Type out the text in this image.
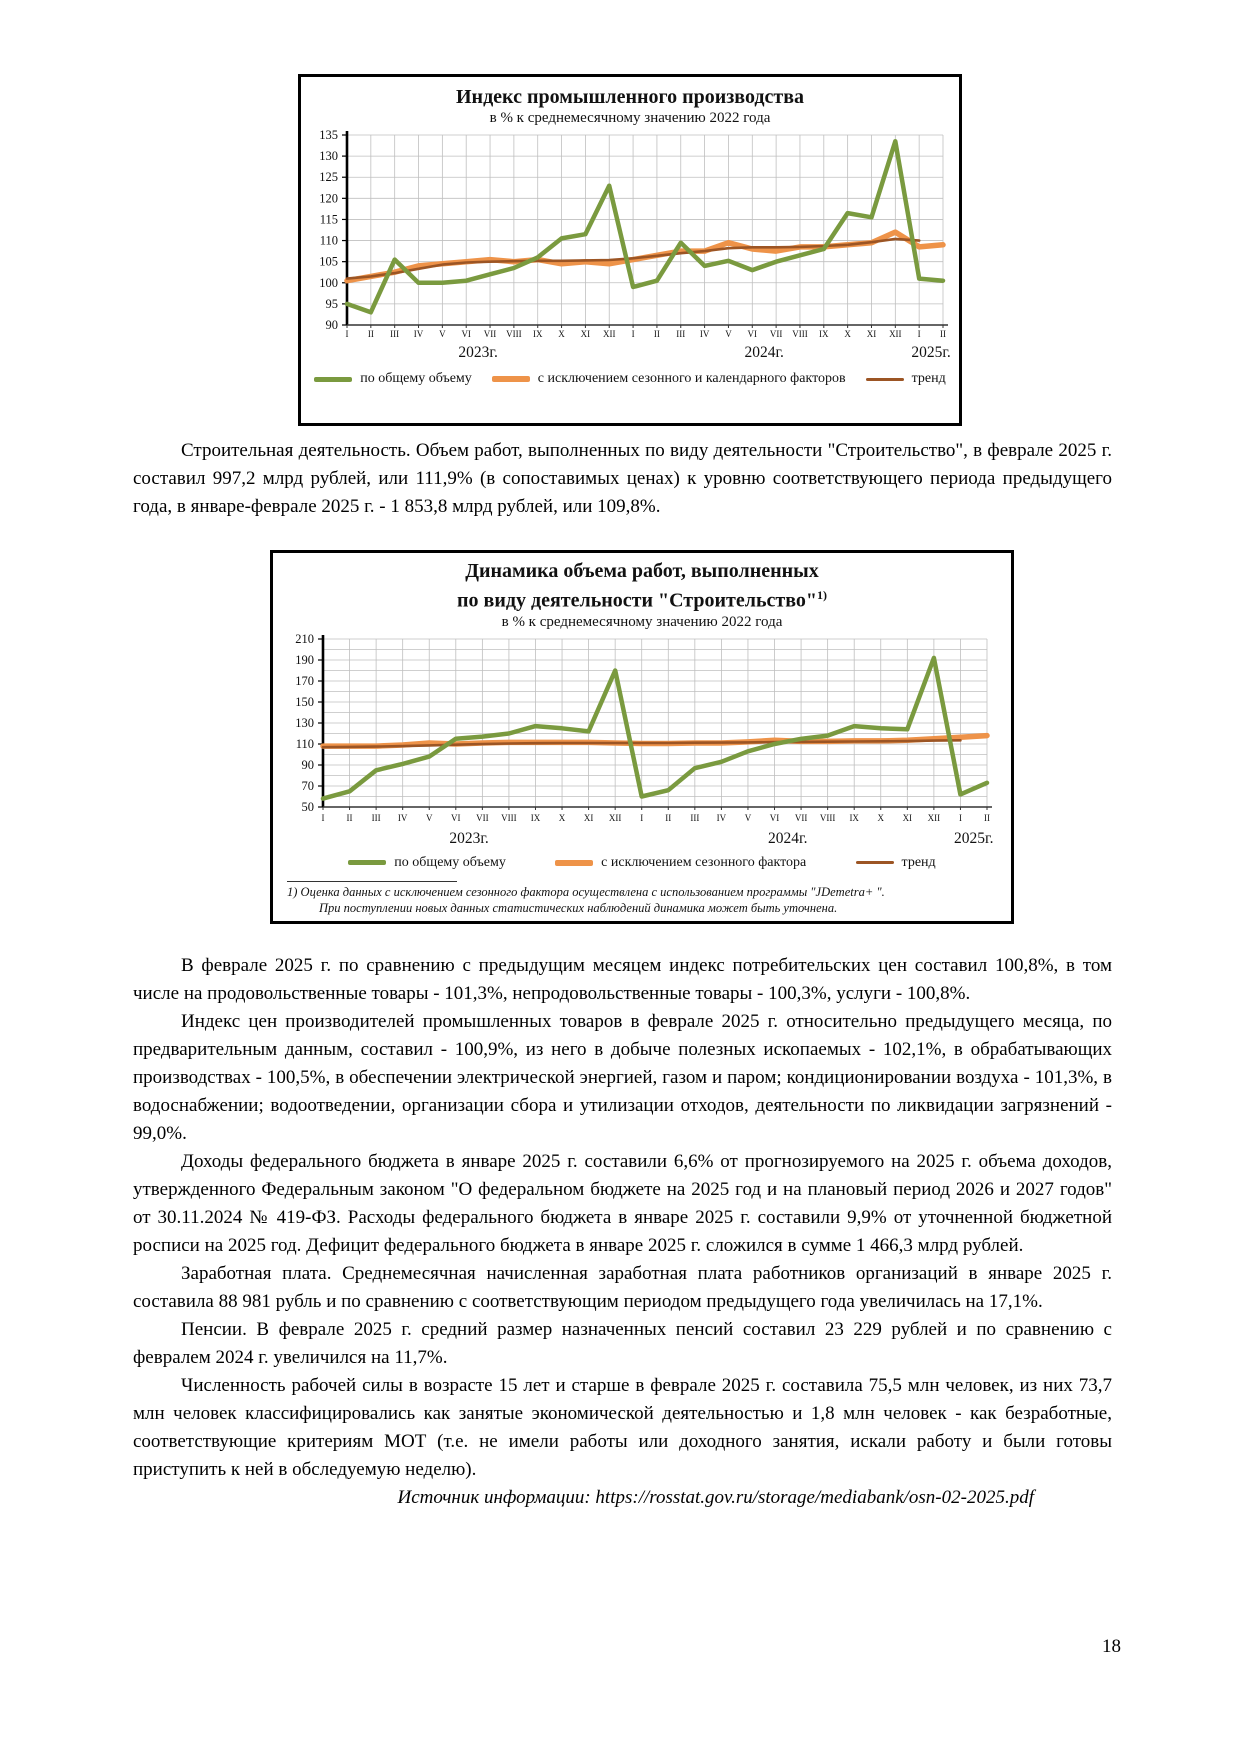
Индекс промышленного производства
в % к среднемесячному значению 2022 года
90
95
100
105
110
115
120
125
130
135
I II III IV V VI VII VIII IX X XI XII I II III IV V VI VII VIII IX X XI XII I II
2023г.	2024г.	2025г.
по общему объему	с исключением сезонного и календарного факторов	тренд

Строительная деятельность. Объем работ, выполненных по виду деятельности "Строительство", в феврале 2025 г. составил 997,2 млрд рублей, или 111,9% (в сопоставимых ценах) к уровню соответствующего периода предыдущего года, в январе-феврале 2025 г. - 1 853,8 млрд рублей, или 109,8%.

Динамика объема работ, выполненных
по виду деятельности "Строительство"$^{1)}$
в % к среднемесячному значению 2022 года
50
70
90
110
130
150
170
190
210
I II III IV V VI VII VIII IX X XI XII I II III IV V VI VII VIII IX X XI XII I II
2023г.	2024г.	2025г.
по общему объему	с исключением сезонного фактора	тренд
1) Оценка данных с исключением сезонного фактора осуществлена с использованием программы "JDemetra+ ".
При поступлении новых данных статистических наблюдений динамика может быть уточнена.

В феврале 2025 г. по сравнению с предыдущим месяцем индекс потребительских цен составил 100,8%, в том числе на продовольственные товары - 101,3%, непродовольственные товары - 100,3%, услуги - 100,8%.

Индекс цен производителей промышленных товаров в феврале 2025 г. относительно предыдущего месяца, по предварительным данным, составил - 100,9%, из него в добыче полезных ископаемых - 102,1%, в обрабатывающих производствах - 100,5%, в обеспечении электрической энергией, газом и паром; кондиционировании воздуха - 101,3%, в водоснабжении; водоотведении, организации сбора и утилизации отходов, деятельности по ликвидации загрязнений - 99,0%.

Доходы федерального бюджета в январе 2025 г. составили 6,6% от прогнозируемого на 2025 г. объема доходов, утвержденного Федеральным законом "О федеральном бюджете на 2025 год и на плановый период 2026 и 2027 годов" от 30.11.2024 № 419-ФЗ. Расходы федерального бюджета в январе 2025 г. составили 9,9% от уточненной бюджетной росписи на 2025 год. Дефицит федерального бюджета в январе 2025 г. сложился в сумме 1 466,3 млрд рублей.

Заработная плата. Среднемесячная начисленная заработная плата работников организаций в январе 2025 г. составила 88 981 рубль и по сравнению с соответствующим периодом предыдущего года увеличилась на 17,1%.

Пенсии. В феврале 2025 г. средний размер назначенных пенсий составил 23 229 рублей и по сравнению с февралем 2024 г. увеличился на 11,7%.

Численность рабочей силы в возрасте 15 лет и старше в феврале 2025 г. составила 75,5 млн человек, из них 73,7 млн человек классифицировались как занятые экономической деятельностью и 1,8 млн человек - как безработные, соответствующие критериям МОТ (т.е. не имели работы или доходного занятия, искали работу и были готовы приступить к ней в обследуемую неделю).

Источник информации: https://rosstat.gov.ru/storage/mediabank/osn-02-2025.pdf

18
